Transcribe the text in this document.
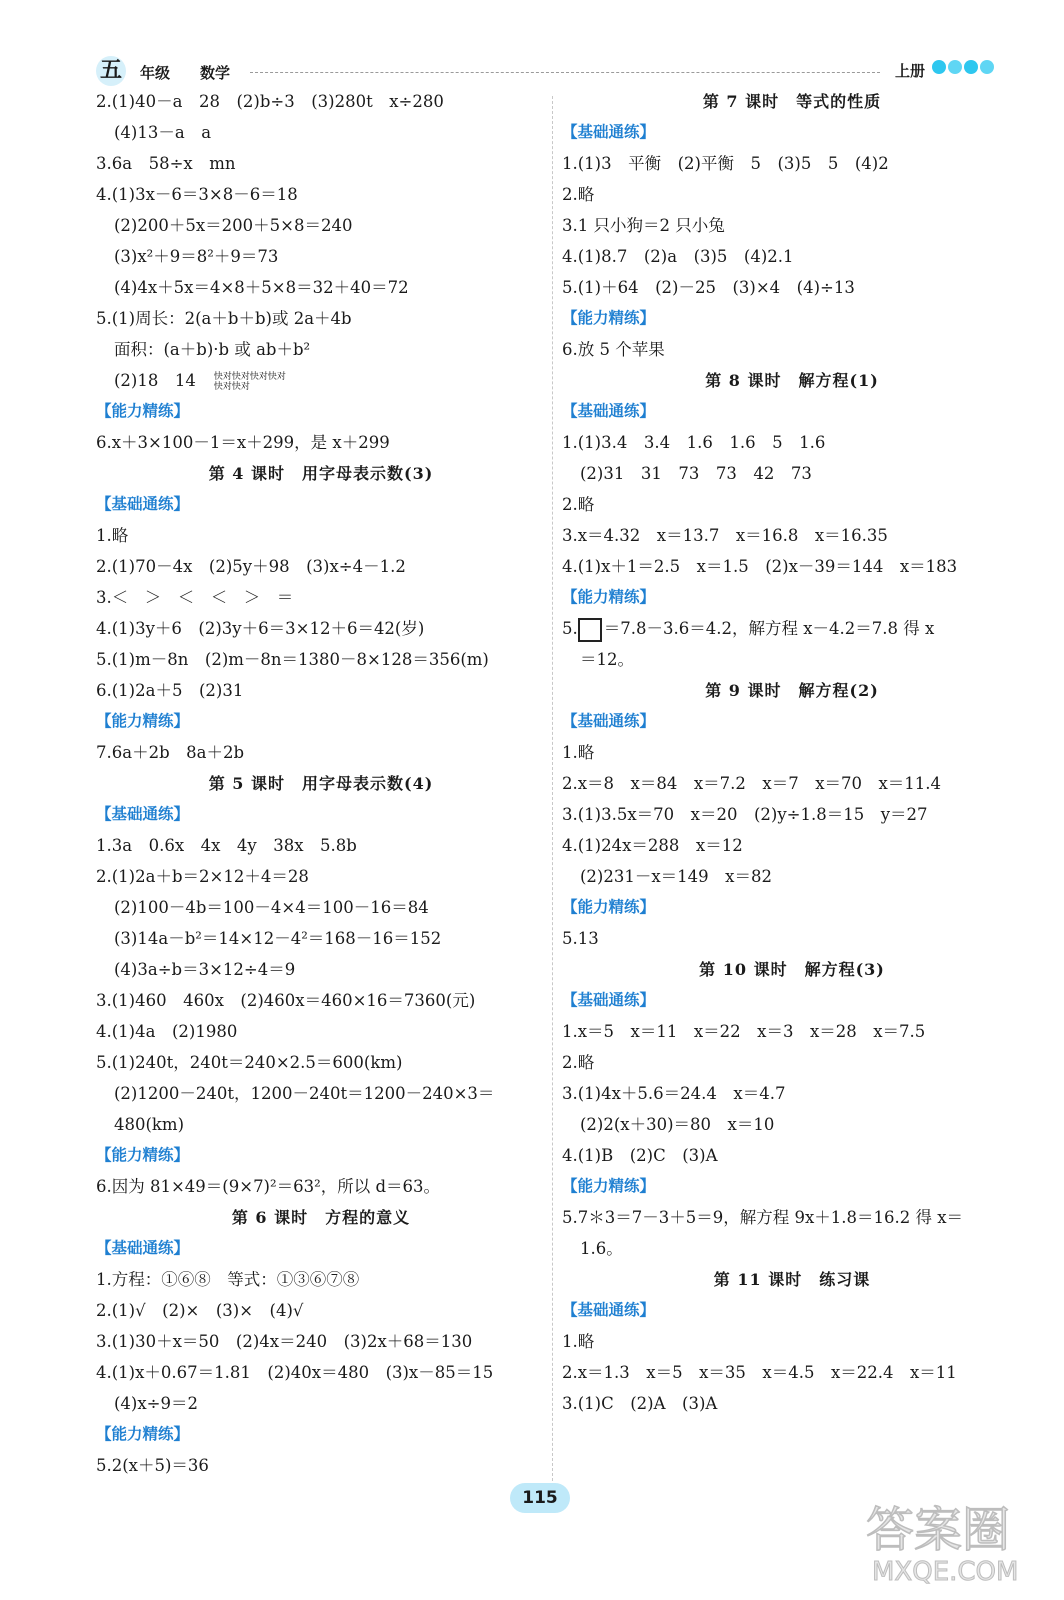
五 年级 数学	上册
2.(1)40－a　28　(2)b÷3　(3)280t　x÷280
(4)13－a　a
3.6a　58÷x　mn
4.(1)3x－6＝3×8－6＝18
(2)200＋5x＝200＋5×8＝240
(3)x²＋9＝8²＋9＝73
(4)4x＋5x＝4×8＋5×8＝32＋40＝72
5.(1)周长：2(a＋b＋b)或 2a＋4b
面积：(a＋b)·b 或 ab＋b²
(2)18　14 快对快对快对快对快对快对
【能力精练】
6.x＋3×100－1＝x＋299，是 x＋299
第 4 课时　用字母表示数(3)
【基础通练】
1.略
2.(1)70－4x　(2)5y＋98　(3)x÷4－1.2
3.＜　＞　＜　＜　＞　＝
4.(1)3y＋6　(2)3y＋6＝3×12＋6＝42(岁)
5.(1)m－8n　(2)m－8n＝1380－8×128＝356(m)
6.(1)2a＋5　(2)31
【能力精练】
7.6a＋2b　8a＋2b
第 5 课时　用字母表示数(4)
【基础通练】
1.3a　0.6x　4x　4y　38x　5.8b
2.(1)2a＋b＝2×12＋4＝28
(2)100－4b＝100－4×4＝100－16＝84
(3)14a－b²＝14×12－4²＝168－16＝152
(4)3a÷b＝3×12÷4＝9
3.(1)460　460x　(2)460x＝460×16＝7360(元)
4.(1)4a　(2)1980
5.(1)240t，240t＝240×2.5＝600(km)
(2)1200－240t，1200－240t＝1200－240×3＝
480(km)
【能力精练】
6.因为 81×49＝(9×7)²＝63²，所以 d＝63。
第 6 课时　方程的意义
【基础通练】
1.方程：①⑥⑧　等式：①③⑥⑦⑧
2.(1)√　(2)×　(3)×　(4)√
3.(1)30＋x＝50　(2)4x＝240　(3)2x＋68＝130
4.(1)x＋0.67＝1.81　(2)40x＝480　(3)x－85＝15
(4)x÷9＝2
【能力精练】
5.2(x＋5)＝36
第 7 课时　等式的性质
【基础通练】
1.(1)3　平衡　(2)平衡　5　(3)5　5　(4)2
2.略
3.1 只小狗＝2 只小兔
4.(1)8.7　(2)a　(3)5　(4)2.1
5.(1)＋64　(2)－25　(3)×4　(4)÷13
【能力精练】
6.放 5 个苹果
第 8 课时　解方程(1)
【基础通练】
1.(1)3.4　3.4　1.6　1.6　5　1.6
(2)31　31　73　73　42　73
2.略
3.x＝4.32　x＝13.7　x＝16.8　x＝16.35
4.(1)x＋1＝2.5　x＝1.5　(2)x－39＝144　x＝183
【能力精练】
5. ＝7.8－3.6＝4.2，解方程 x－4.2＝7.8 得 x
＝12。
第 9 课时　解方程(2)
【基础通练】
1.略
2.x＝8　x＝84　x＝7.2　x＝7　x＝70　x＝11.4
3.(1)3.5x＝70　x＝20　(2)y÷1.8＝15　y＝27
4.(1)24x＝288　x＝12
(2)231－x＝149　x＝82
【能力精练】
5.13
第 10 课时　解方程(3)
【基础通练】
1.x＝5　x＝11　x＝22　x＝3　x＝28　x＝7.5
2.略
3.(1)4x＋5.6＝24.4　x＝4.7
(2)2(x＋30)＝80　x＝10
4.(1)B　(2)C　(3)A
【能力精练】
5.7＊3＝7－3＋5＝9，解方程 9x＋1.8＝16.2 得 x＝
1.6。
第 11 课时　练习课
【基础通练】
1.略
2.x＝1.3　x＝5　x＝35　x＝4.5　x＝22.4　x＝11
3.(1)C　(2)A　(3)A
115
答案圈
MXQE.COM
